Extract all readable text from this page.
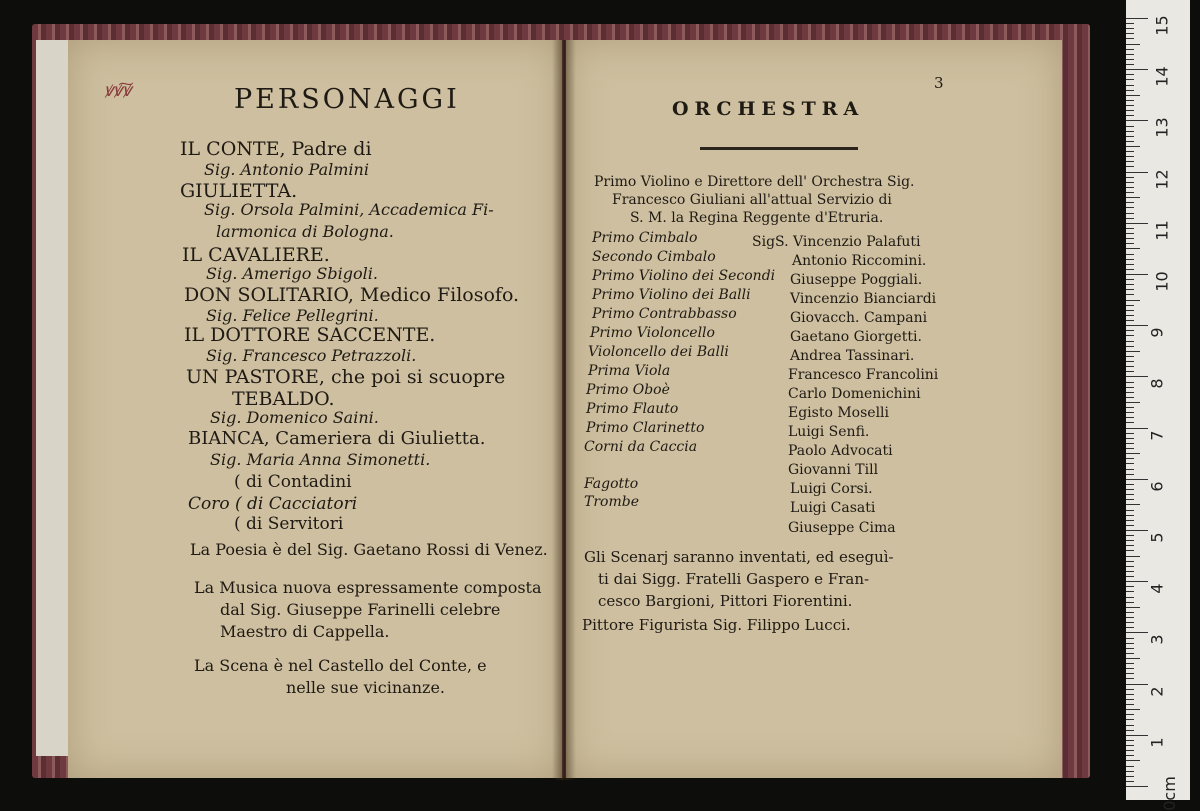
ꝟꝟ͠ꝟ	PERSONAGGI
IL CONTE, Padre di
Sig. Antonio Palmini
GIULIETTA.
Sig. Orsola Palmini, Accademica Fi-
larmonica di Bologna.
IL CAVALIERE.
Sig. Amerigo Sbigoli.
DON SOLITARIO, Medico Filosofo.
Sig. Felice Pellegrini.
IL DOTTORE SACCENTE.
Sig. Francesco Petrazzoli.
UN PASTORE, che poi si scuopre
TEBALDO.
Sig. Domenico Saini.
BIANCA, Cameriera di Giulietta.
Sig. Maria Anna Simonetti.
( di Contadini
Coro ( di Cacciatori
( di Servitori
La Poesia è del Sig. Gaetano Rossi di Venez.
La Musica nuova espressamente composta
dal Sig. Giuseppe Farinelli celebre
Maestro di Cappella.
La Scena è nel Castello del Conte, e
nelle sue vicinanze.
3
ORCHESTRA
Primo Violino e Direttore dell' Orchestra Sig.
Francesco Giuliani all'attual Servizio di
S. M. la Regina Reggente d'Etruria.
Primo Cimbalo
Secondo Cimbalo
Primo Violino dei Secondi
Primo Violino dei Balli
Primo Contrabbasso
Primo Violoncello
Violoncello dei Balli
Prima Viola
Primo Oboè
Primo Flauto
Primo Clarinetto
Corni da Caccia
Fagotto
Trombe
SigS. Vincenzio Palafuti
Antonio Riccomini.
Giuseppe Poggiali.
Vincenzio Bianciardi
Giovacch. Campani
Gaetano Giorgetti.
Andrea Tassinari.
Francesco Francolini
Carlo Domenichini
Egisto Moselli
Luigi Senfi.
Paolo Advocati
Giovanni Till
Luigi Corsi.
Luigi Casati
Giuseppe Cima
Gli Scenarj saranno inventati, ed eseguì-
ti dai Sigg. Fratelli Gaspero e Fran-
cesco Bargioni, Pittori Fiorentini.
Pittore Figurista Sig. Filippo Lucci.
15
14
13
12
11
10
9
8
7
6
5
4
3
2
1
0cm
